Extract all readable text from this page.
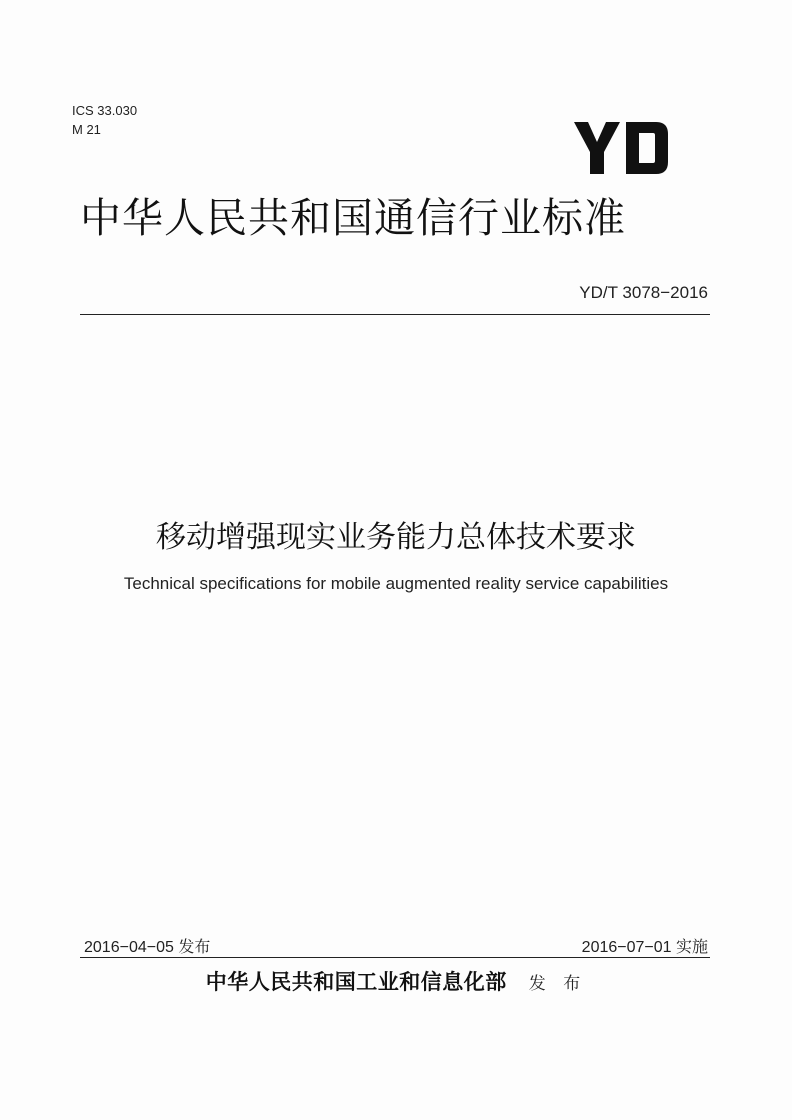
ICS 33.030
M 21
中华人民共和国通信行业标准
YD/T 3078−2016
移动增强现实业务能力总体技术要求
Technical specifications for mobile augmented reality service capabilities
2016−04−05 发布	2016−07−01 实施
中华人民共和国工业和信息化部 发 布
